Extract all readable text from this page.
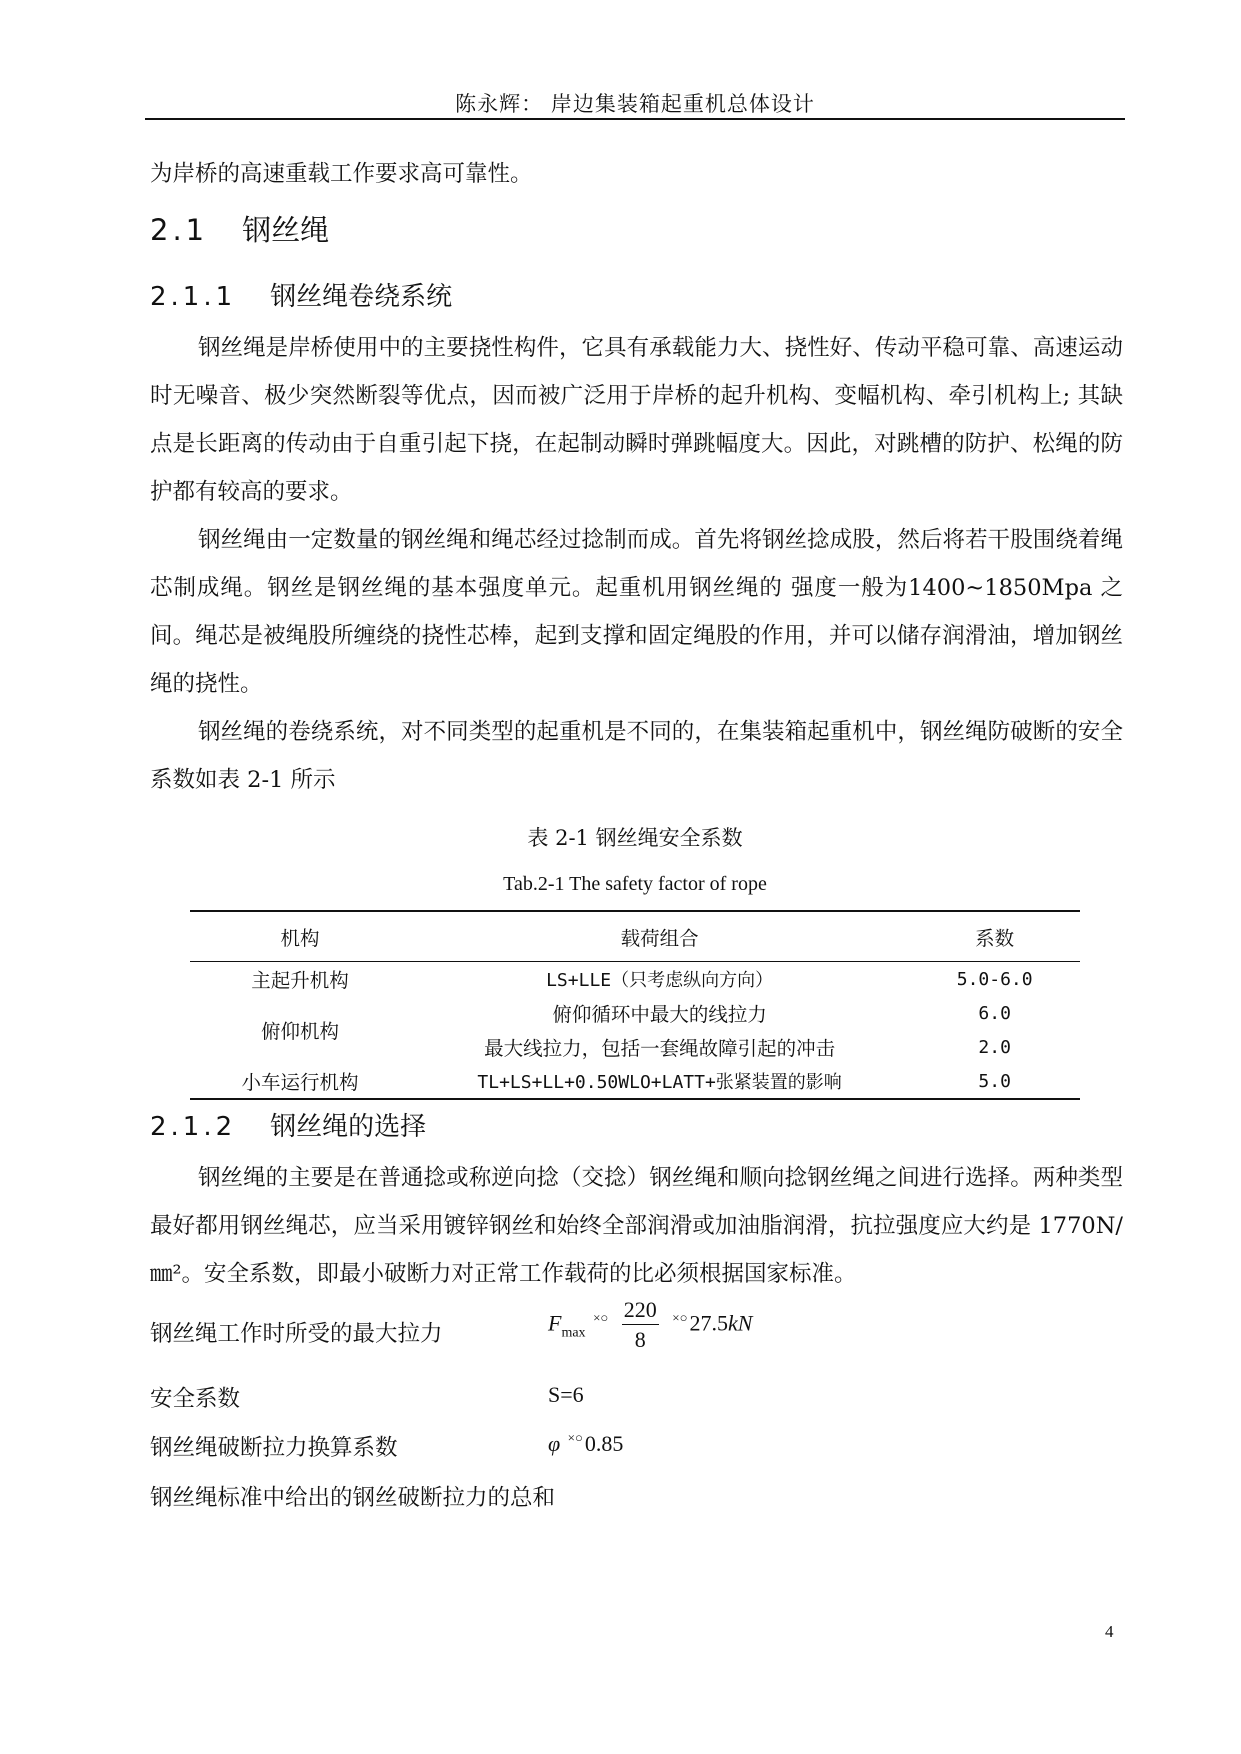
陈永辉： 岸边集装箱起重机总体设计

为岸桥的高速重载工作要求高可靠性。

2.1 钢丝绳
2.1.1 钢丝绳卷绕系统

钢丝绳是岸桥使用中的主要挠性构件，它具有承载能力大、挠性好、传动平稳可靠、高速运动时无噪音、极少突然断裂等优点，因而被广泛用于岸桥的起升机构、变幅机构、牵引机构上; 其缺点是长距离的传动由于自重引起下挠，在起制动瞬时弹跳幅度大。因此，对跳槽的防护、松绳的防护都有较高的要求。

钢丝绳由一定数量的钢丝绳和绳芯经过捻制而成。首先将钢丝捻成股，然后将若干股围绕着绳芯制成绳。钢丝是钢丝绳的基本强度单元。起重机用钢丝绳的 强度一般为1400~1850Mpa 之间。绳芯是被绳股所缠绕的挠性芯棒，起到支撑和固定绳股的作用，并可以储存润滑油，增加钢丝绳的挠性。

钢丝绳的卷绕系统，对不同类型的起重机是不同的，在集装箱起重机中，钢丝绳防破断的安全系数如表 2-1 所示

表 2-1 钢丝绳安全系数
Tab.2-1 The safety factor of rope
机构	载荷组合	系数
主起升机构	LS+LLE（只考虑纵向方向）	5.0-6.0
俯仰机构	俯仰循环中最大的线拉力	6.0
	最大线拉力，包括一套绳故障引起的冲击	2.0
小车运行机构	TL+LS+LL+0.50WLO+LATT+张紧装置的影响	5.0
2.1.2 钢丝绳的选择

钢丝绳的主要是在普通捻或称逆向捻（交捻）钢丝绳和顺向捻钢丝绳之间进行选择。两种类型最好都用钢丝绳芯，应当采用镀锌钢丝和始终全部润滑或加油脂润滑，抗拉强度应大约是 1770N/㎜²。安全系数，即最小破断力对正常工作载荷的比必须根据国家标准。

钢丝绳工作时所受的最大拉力	$F_{max}$ $^{\times○} \frac{220}{8} ^{\times○}27.5kN$
安全系数	S=6
钢丝绳破断拉力换算系数	φ ×○0.85
钢丝绳标准中给出的钢丝破断拉力的总和
4
